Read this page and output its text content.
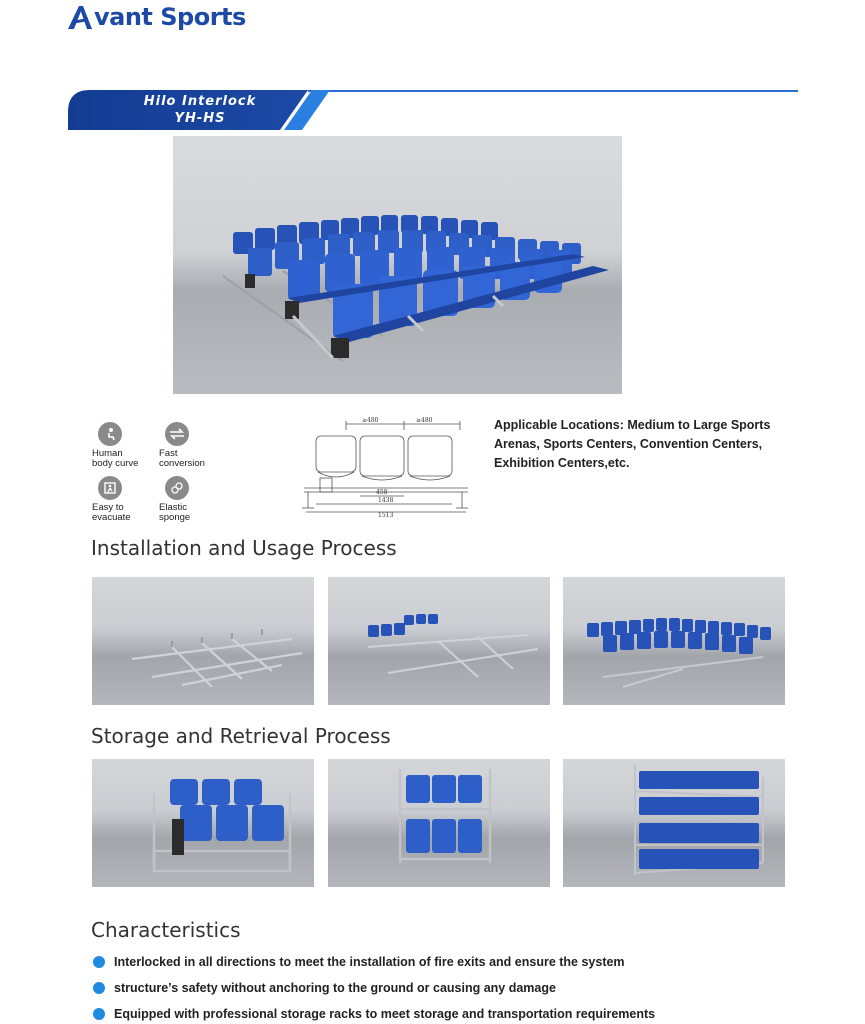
vant Sports
Hilo Interlock
YH-HS
Human
body curve
Fast
conversion
Easy to
evacuate
Elastic
sponge
≥480	≥480
458
1438
1513
Applicable Locations: Medium to Large Sports Arenas, Sports Centers, Convention Centers, Exhibition Centers,etc.
Installation and Usage Process
Storage and Retrieval Process
Characteristics
Interlocked in all directions to meet the installation of fire exits and ensure the system
structure’s safety without anchoring to the ground or causing any damage
Equipped with professional storage racks to meet storage and transportation requirements
